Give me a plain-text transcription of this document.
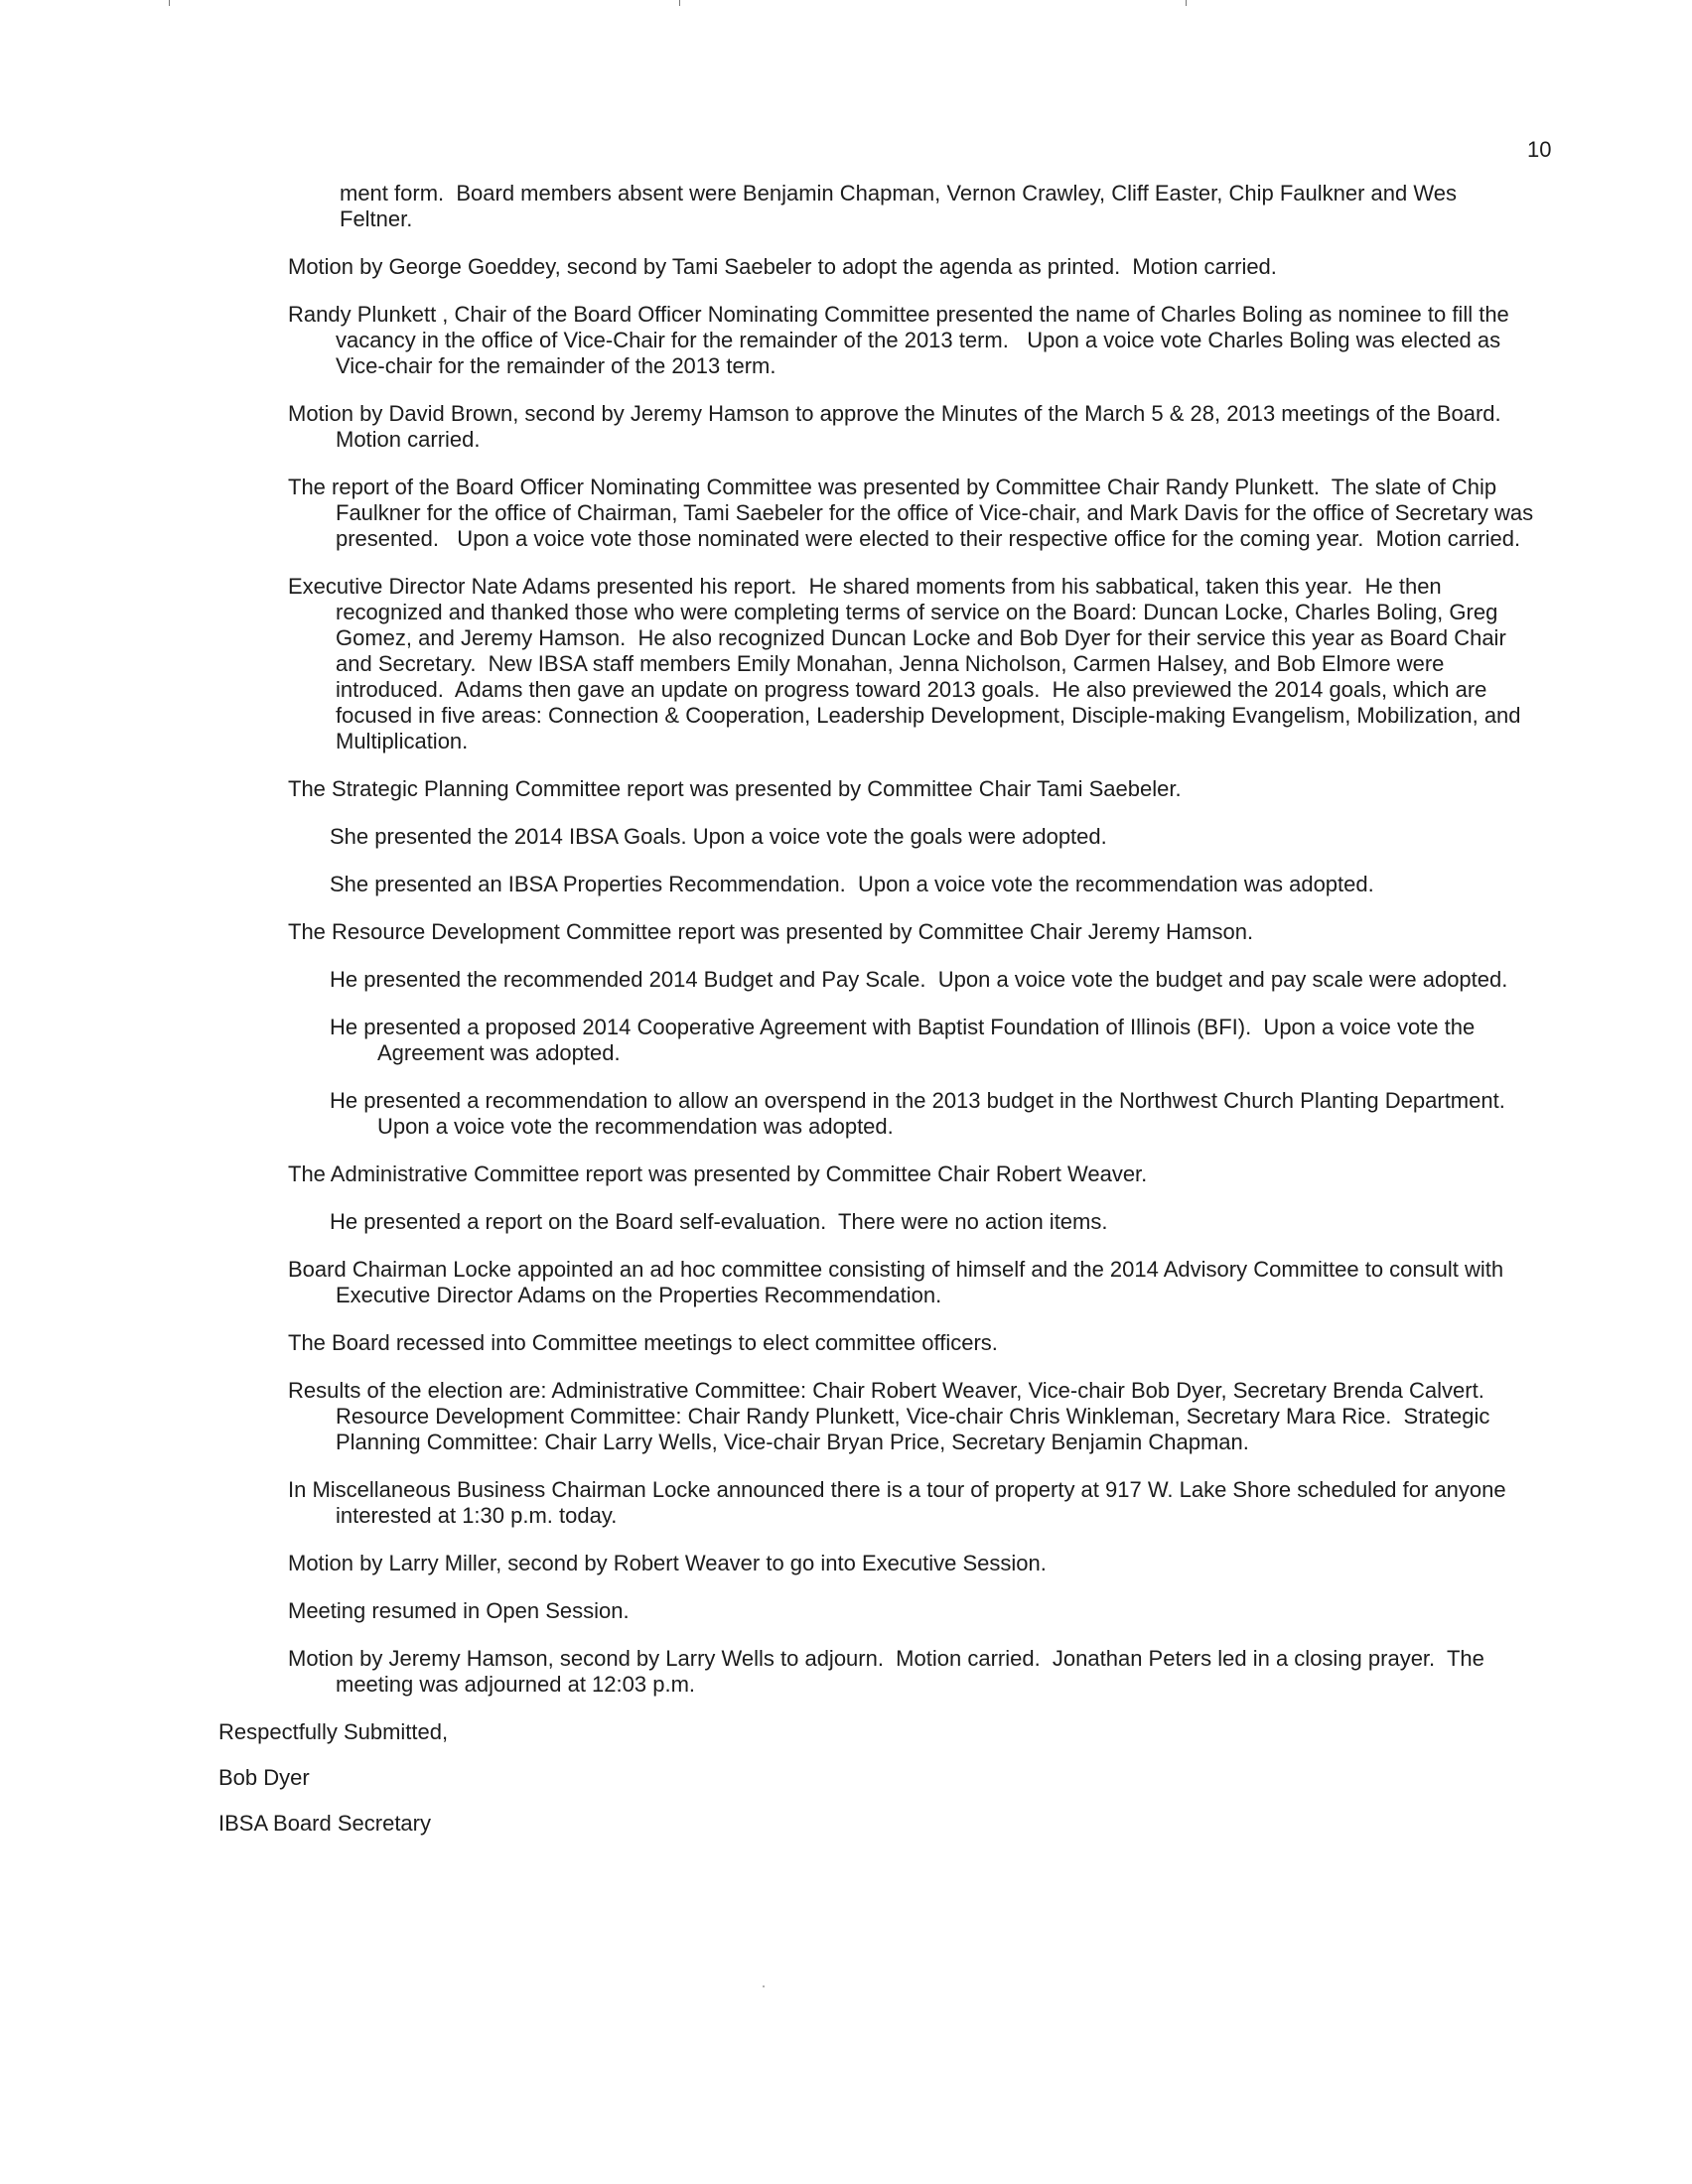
10

ment form.  Board members absent were Benjamin Chapman, Vernon Crawley, Cliff Easter, Chip Faulkner and Wes Feltner.

Motion by George Goeddey, second by Tami Saebeler to adopt the agenda as printed.  Motion carried.

Randy Plunkett , Chair of the Board Officer Nominating Committee presented the name of Charles Boling as nominee to fill the vacancy in the office of Vice-Chair for the remainder of the 2013 term.   Upon a voice vote Charles Boling was elected as Vice-chair for the remainder of the 2013 term.

Motion by David Brown, second by Jeremy Hamson to approve the Minutes of the March 5 & 28, 2013 meetings of the Board.  Motion carried.

The report of the Board Officer Nominating Committee was presented by Committee Chair Randy Plunkett.  The slate of Chip Faulkner for the office of Chairman, Tami Saebeler for the office of Vice-chair, and Mark Davis for the office of Secretary was presented.   Upon a voice vote those nominated were elected to their respective office for the coming year.  Motion carried.

Executive Director Nate Adams presented his report.  He shared moments from his sabbatical, taken this year.  He then recognized and thanked those who were completing terms of service on the Board: Duncan Locke, Charles Boling, Greg Gomez, and Jeremy Hamson.  He also recognized Duncan Locke and Bob Dyer for their service this year as Board Chair and Secretary.  New IBSA staff members Emily Monahan, Jenna Nicholson, Carmen Halsey, and Bob Elmore were introduced.  Adams then gave an update on progress toward 2013 goals.  He also previewed the 2014 goals, which are focused in five areas: Connection & Cooperation, Leadership Development, Disciple-making Evangelism, Mobilization, and Multiplication.

The Strategic Planning Committee report was presented by Committee Chair Tami Saebeler.

She presented the 2014 IBSA Goals. Upon a voice vote the goals were adopted.

She presented an IBSA Properties Recommendation.  Upon a voice vote the recommendation was adopted.

The Resource Development Committee report was presented by Committee Chair Jeremy Hamson.

He presented the recommended 2014 Budget and Pay Scale.  Upon a voice vote the budget and pay scale were adopted.

He presented a proposed 2014 Cooperative Agreement with Baptist Foundation of Illinois (BFI).  Upon a voice vote the Agreement was adopted.

He presented a recommendation to allow an overspend in the 2013 budget in the Northwest Church Planting Department.  Upon a voice vote the recommendation was adopted.

The Administrative Committee report was presented by Committee Chair Robert Weaver.

He presented a report on the Board self-evaluation.  There were no action items.

Board Chairman Locke appointed an ad hoc committee consisting of himself and the 2014 Advisory Committee to consult with Executive Director Adams on the Properties Recommendation.

The Board recessed into Committee meetings to elect committee officers.

Results of the election are: Administrative Committee: Chair Robert Weaver, Vice-chair Bob Dyer, Secretary Brenda Calvert.  Resource Development Committee: Chair Randy Plunkett, Vice-chair Chris Winkleman, Secretary Mara Rice.  Strategic Planning Committee: Chair Larry Wells, Vice-chair Bryan Price, Secretary Benjamin Chapman.

In Miscellaneous Business Chairman Locke announced there is a tour of property at 917 W. Lake Shore scheduled for anyone interested at 1:30 p.m. today.

Motion by Larry Miller, second by Robert Weaver to go into Executive Session.

Meeting resumed in Open Session.

Motion by Jeremy Hamson, second by Larry Wells to adjourn.  Motion carried.  Jonathan Peters led in a closing prayer.  The meeting was adjourned at 12:03 p.m.

Respectfully Submitted,

Bob Dyer

IBSA Board Secretary
